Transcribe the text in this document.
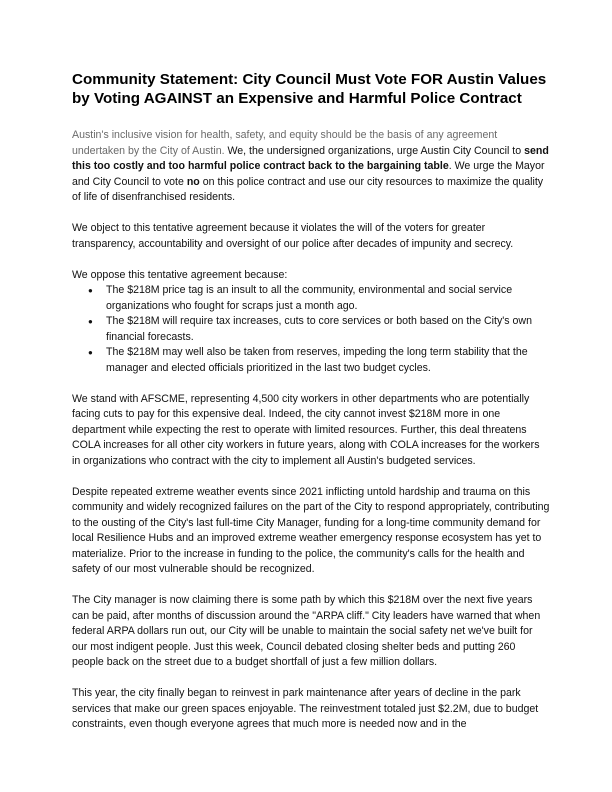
Community Statement: City Council Must Vote FOR Austin Values by Voting AGAINST an Expensive and Harmful Police Contract

Austin's inclusive vision for health, safety, and equity should be the basis of any agreement undertaken by the City of Austin. We, the undersigned organizations, urge Austin City Council to send this too costly and too harmful police contract back to the bargaining table. We urge the Mayor and City Council to vote no on this police contract and use our city resources to maximize the quality of life of disenfranchised residents.

We object to this tentative agreement because it violates the will of the voters for greater transparency, accountability and oversight of our police after decades of impunity and secrecy.

We oppose this tentative agreement because:

● The $218M price tag is an insult to all the community, environmental and social service organizations who fought for scraps just a month ago.
● The $218M will require tax increases, cuts to core services or both based on the City's own financial forecasts.
● The $218M may well also be taken from reserves, impeding the long term stability that the manager and elected officials prioritized in the last two budget cycles.

We stand with AFSCME, representing 4,500 city workers in other departments who are potentially facing cuts to pay for this expensive deal. Indeed, the city cannot invest $218M more in one department while expecting the rest to operate with limited resources. Further, this deal threatens COLA increases for all other city workers in future years, along with COLA increases for the workers in organizations who contract with the city to implement all Austin's budgeted services.

Despite repeated extreme weather events since 2021 inflicting untold hardship and trauma on this community and widely recognized failures on the part of the City to respond appropriately, contributing to the ousting of the City's last full-time City Manager, funding for a long-time community demand for local Resilience Hubs and an improved extreme weather emergency response ecosystem has yet to materialize. Prior to the increase in funding to the police, the community's calls for the health and safety of our most vulnerable should be recognized.

The City manager is now claiming there is some path by which this $218M over the next five years can be paid, after months of discussion around the "ARPA cliff." City leaders have warned that when federal ARPA dollars run out, our City will be unable to maintain the social safety net we've built for our most indigent people. Just this week, Council debated closing shelter beds and putting 260 people back on the street due to a budget shortfall of just a few million dollars.

This year, the city finally began to reinvest in park maintenance after years of decline in the park services that make our green spaces enjoyable. The reinvestment totaled just $2.2M, due to budget constraints, even though everyone agrees that much more is needed now and in the
